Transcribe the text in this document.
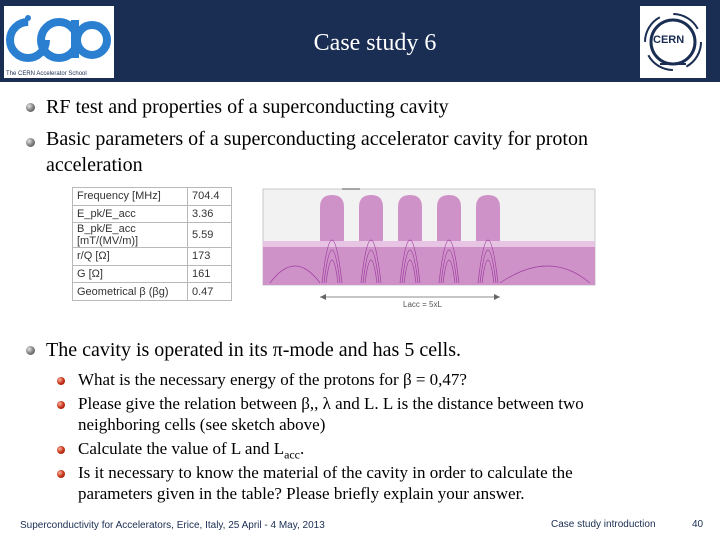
The CERN Accelerator School
Case study 6	CERN
RF test and properties of a superconducting cavity
Basic parameters of a superconducting accelerator cavity for proton
acceleration
Frequency [MHz]	704.4
E_pk/E_acc	3.36
B_pk/E_acc [mT/(MV/m)]	5.59
r/Q [Ω]	173
G [Ω]	161
Geometrical β (βg)	0.47
Lacc = 5xL
The cavity is operated in its π-mode and has 5 cells.
What is the necessary energy of the protons for β = 0,47?
Please give the relation between β,, λ and L. L is the distance between two
neighboring cells (see sketch above)
Calculate the value of L and $L_{acc}$.
Is it necessary to know the material of the cavity in order to calculate the
parameters given in the table? Please briefly explain your answer.
Superconductivity for Accelerators, Erice, Italy, 25 April - 4 May, 2013	Case study introduction	40
